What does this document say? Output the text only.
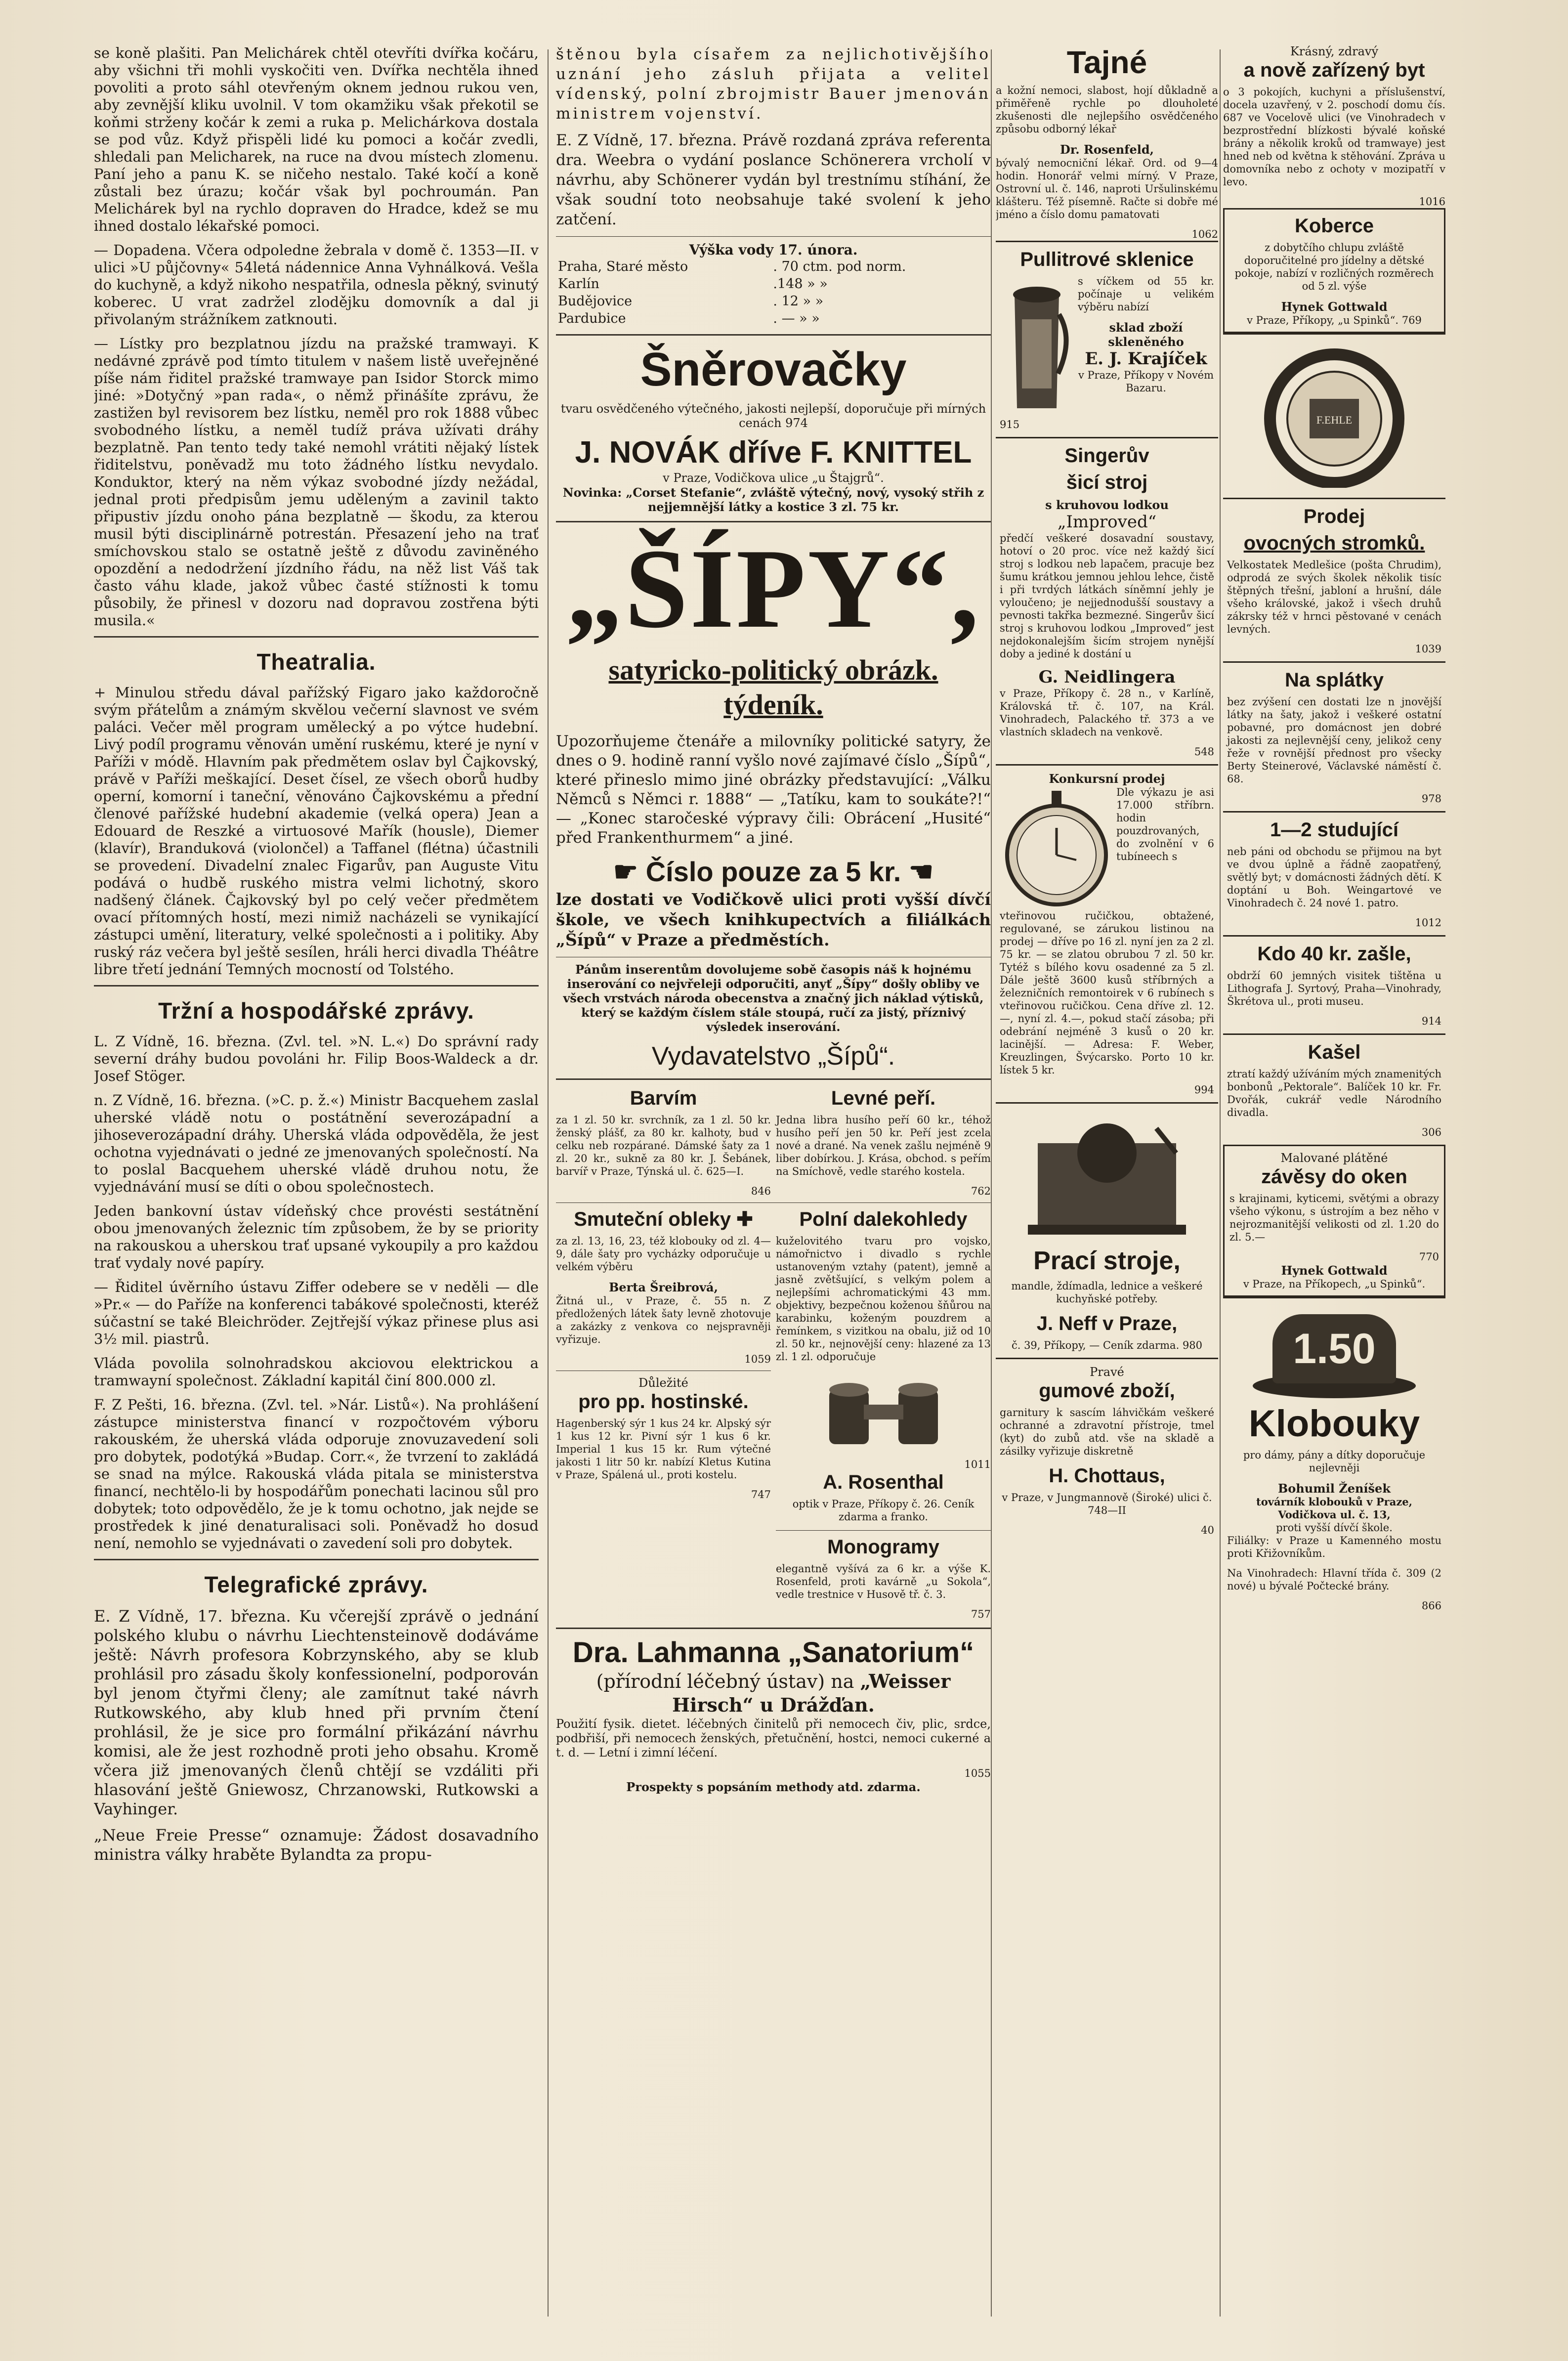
se koně plašiti. Pan Melichárek chtěl otevříti dvířka kočáru, aby všichni tři mohli vyskočiti ven. Dvířka nechtěla ihned povoliti a proto sáhl otevřeným oknem jednou rukou ven, aby zevnější kliku uvolnil. V tom okamžiku však překotil se koňmi strženy kočár k zemi a ruka p. Melichárkova dostala se pod vůz. Když přispěli lidé ku pomoci a kočár zvedli, shledali pan Melicharek, na ruce na dvou místech zlomenu. Paní jeho a panu K. se ničeho nestalo. Také kočí a koně zůstali bez úrazu; kočár však byl pochroumán. Pan Melichárek byl na rychlo dopraven do Hradce, kdež se mu ihned dostalo lékařské pomoci.

— Dopadena. Včera odpoledne žebrala v domě č. 1353—II. v ulici »U půjčovny« 54letá nádennice Anna Vyhnálková. Vešla do kuchyně, a když nikoho nespatřila, odnesla pěkný, svinutý koberec. U vrat zadržel zlodějku domovník a dal ji přivolaným strážníkem zatknouti.

— Lístky pro bezplatnou jízdu na pražské tramwayi. K nedávné zprávě pod tímto titulem v našem listě uveřejněné píše nám řiditel pražské tramwaye pan Isidor Storck mimo jiné: »Dotyčný »pan rada«, o němž přinášíte zprávu, že zastižen byl revisorem bez lístku, neměl pro rok 1888 vůbec svobodného lístku, a neměl tudíž práva užívati dráhy bezplatně. Pan tento tedy také nemohl vrátiti nějaký lístek řiditelstvu, poněvadž mu toto žádného lístku nevydalo. Konduktor, který na něm výkaz svobodné jízdy nežádal, jednal proti předpisům jemu uděleným a zavinil takto připustiv jízdu onoho pána bezplatně — škodu, za kterou musil býti disciplinárně potrestán. Přesazení jeho na trať smíchovskou stalo se ostatně ještě z důvodu zaviněného opozdění a nedodržení jízdního řádu, na něž list Váš tak často váhu klade, jakož vůbec časté stížnosti k tomu působily, že přinesl v dozoru nad dopravou zostřena býti musila.«

Theatralia.

+ Minulou středu dával pařížský Figaro jako každoročně svým přátelům a známým skvělou večerní slavnost ve svém paláci. Večer měl program umělecký a po výtce hudební. Livý podíl programu věnován umění ruskému, které je nyní v Paříži v módě. Hlavním pak předmětem oslav byl Čajkovský, právě v Paříži meškající. Deset čísel, ze všech oborů hudby operní, komorní i taneční, věnováno Čajkovskému a přední členové pařížské hudební akademie (velká opera) Jean a Edouard de Reszké a virtuosové Mařík (housle), Diemer (klavír), Branduková (violončel) a Taffanel (flétna) účastnili se provedení. Divadelní znalec Figarův, pan Auguste Vitu podává o hudbě ruského mistra velmi lichotný, skoro nadšený článek. Čajkovský byl po celý večer předmětem ovací přítomných hostí, mezi nimiž nacházeli se vynikající zástupci umění, literatury, velké společnosti a i politiky. Aby ruský ráz večera byl ještě sesílen, hráli herci divadla Théâtre libre třetí jednání Temných mocností od Tolstého.

Tržní a hospodářské zprávy.

L. Z Vídně, 16. března. (Zvl. tel. »N. L.«) Do správní rady severní dráhy budou povoláni hr. Filip Boos-Waldeck a dr. Josef Stöger.

n. Z Vídně, 16. března. (»C. p. ž.«) Ministr Bacquehem zaslal uherské vládě notu o postátnění severozápadní a jihoseverozápadní dráhy. Uherská vláda odpověděla, že jest ochotna vyjednávati o jedné ze jmenovaných společností. Na to poslal Bacquehem uherské vládě druhou notu, že vyjednávání musí se díti o obou společnostech.

Jeden bankovní ústav vídeňský chce provésti sestátnění obou jmenovaných železnic tím způsobem, že by se priority na rakouskou a uherskou trať upsané vykoupily a pro každou trať vydaly nové papíry.

— Řiditel úvěrního ústavu Ziffer odebere se v neděli — dle »Pr.« — do Paříže na konferenci tabákové společnosti, kteréž súčastní se také Bleichröder. Zejtřejší výkaz přinese plus asi 3½ mil. piastrů.

Vláda povolila solnohradskou akciovou elektrickou a tramwayní společnost. Základní kapitál činí 800.000 zl.

F. Z Pešti, 16. března. (Zvl. tel. »Nár. Listů«). Na prohlášení zástupce ministerstva financí v rozpočtovém výboru rakouském, že uherská vláda odporuje znovuzavedení soli pro dobytek, podotýká »Budap. Corr.«, že tvrzení to zakládá se snad na mýlce. Rakouská vláda pitala se ministerstva financí, nechtělo-li by hospodářům ponechati lacinou sůl pro dobytek; toto odpovědělo, že je k tomu ochotno, jak nejde se prostředek k jiné denaturalisaci soli. Poněvadž ho dosud není, nemohlo se vyjednávati o zavedení soli pro dobytek.

Telegrafické zprávy.

E. Z Vídně, 17. března. Ku včerejší zprávě o jednání polského klubu o návrhu Liechtensteinově dodáváme ještě: Návrh profesora Kobrzynského, aby se klub prohlásil pro zásadu školy konfessionelní, podporován byl jenom čtyřmi členy; ale zamítnut také návrh Rutkowského, aby klub hned při prvním čtení prohlásil, že je sice pro formální přikázání návrhu komisi, ale že jest rozhodně proti jeho obsahu. Kromě včera již jmenovaných členů chtějí se vzdáliti při hlasování ještě Gniewosz, Chrzanowski, Rutkowski a Vayhinger.

„Neue Freie Presse“ oznamuje: Žádost dosavadního ministra války hraběte Bylandta za propu-

štěnou byla císařem za nejlichotivějšího uznání jeho zásluh přijata a velitel vídenský, polní zbrojmistr Bauer jmenován ministrem vojenství.

E. Z Vídně, 17. března. Právě rozdaná zpráva referenta dra. Weebra o vydání poslance Schönerera vrcholí v návrhu, aby Schönerer vydán byl trestnímu stíhání, že však soudní toto neobsahuje také svolení k jeho zatčení.

Výška vody 17. února.
Praha, Staré město	. 70 ctm. pod norm.
Karlín	.148 » »
Budějovice	. 12 » »
Pardubice	. — » »
Šněrovačky
tvaru osvědčeného výtečného, jakosti nejlepší, doporučuje při mírných cenách 974
J. NOVÁK dříve F. KNITTEL
v Praze, Vodičkova ulice „u Štajgrů“.
Novinka: „Corset Stefanie“, zvláště výtečný, nový, vysoký střih z nejjemnější látky a kostice 3 zl. 75 kr.
„ŠÍPY“,
satyricko-politický obrázk. týdeník.

Upozorňujeme čtenáře a milovníky politické satyry, že dnes o 9. hodině ranní vyšlo nové zajímavé číslo „Šípů“, které přineslo mimo jiné obrázky představující: „Válku Němců s Němci r. 1888“ — „Tatíku, kam to soukáte?!“ — „Konec staročeské výpravy čili: Obrácení „Husité“ před Frankenthurmem“ a jiné.

☛ Číslo pouze za 5 kr. ☚

lze dostati ve Vodičkově ulici proti vyšší dívčí škole, ve všech knihkupectvích a filiálkách „Šípů“ v Praze a předměstích.

Pánům inserentům dovolujeme sobě časopis náš k hojnému inserování co nejvřeleji odporučiti, anyť „Šípy“ došly obliby ve všech vrstvách národa obecenstva a značný jich náklad výtisků, který se každým číslem stále stoupá, ručí za jistý, příznivý výsledek inserování.

Vydavatelstvo „Šípů“.
Barvím

za 1 zl. 50 kr. svrchník, za 1 zl. 50 kr. ženský plášť, za 80 kr. kalhoty, bud v celku neb rozpárané. Dámské šaty za 1 zl. 20 kr., sukně za 80 kr. J. Šebánek, barvíř v Praze, Týnská ul. č. 625—I.

846
Levné peří.

Jedna libra husího peří 60 kr., téhož husího peří jen 50 kr. Peří jest zcela nové a drané. Na venek zašlu nejméně 9 liber dobírkou. J. Krása, obchod. s peřím na Smíchově, vedle starého kostela.

762
Smuteční obleky ✚

za zl. 13, 16, 23, též klobouky od zl. 4—9, dále šaty pro vycházky odporučuje u velkém výběru

Berta Šreibrová,

Žitná ul., v Praze, č. 55 n. Z předložených látek šaty levně zhotovuje a zakázky z venkova co nejspravněji vyřizuje.

1059
Důležité
pro pp. hostinské.

Hagenberský sýr 1 kus 24 kr. Alpský sýr 1 kus 12 kr. Pivní sýr 1 kus 6 kr. Imperial 1 kus 15 kr. Rum výtečné jakosti 1 litr 50 kr. nabízí Kletus Kutina v Praze, Spálená ul., proti kostelu.

747
Polní dalekohledy

kuželovitého tvaru pro vojsko, námořnictvo i divadlo s rychle ustanoveným vztahy (patent), jemně a jasně zvětšující, s velkým polem a nejlepšími achromatickými 43 mm. objektivy, bezpečnou koženou šňůrou na karabinku, koženým pouzdrem a řemínkem, s vizitkou na obalu, již od 10 zl. 50 kr., nejnovější ceny: hlazené za 13 zl. 1 zl. odporučuje

1011
A. Rosenthal

optik v Praze, Příkopy č. 26. Ceník zdarma a franko.

Monogramy

elegantně vyšívá za 6 kr. a výše K. Rosenfeld, proti kavárně „u Sokola“, vedle trestnice v Husově tř. č. 3.

757
Dra. Lahmanna „Sanatorium“
(přírodní léčebný ústav) na „Weisser Hirsch“ u Drážďan.

Použití fysik. dietet. léčebných činitelů při nemocech čiv, plic, srdce, podbřiší, při nemocech ženských, přetučnění, hostci, nemoci cukerné a t. d. — Letní i zimní léčení.

1055
Prospekty s popsáním methody atd. zdarma.
Tajné

a kožní nemoci, slabost, hojí důkladně a přiměřeně rychle po dlouholeté zkušenosti dle nejlepšího osvědčeného způsobu odborný lékař

Dr. Rosenfeld,

bývalý nemocniční lékař. Ord. od 9—4 hodin. Honorář velmi mírný. V Praze, Ostrovní ul. č. 146, naproti Uršulinskému klášteru. Též písemně. Račte si dobře mé jméno a číslo domu pamatovati

1062
Pullitrové sklenice

s víčkem od 55 kr. počínaje u velikém výběru nabízí

sklad zboží skleněného
E. J. Krajíček

v Praze, Příkopy v Novém Bazaru.

915
Singerův
šicí stroj
s kruhovou lodkou
„Improved“

předčí veškeré dosavadní soustavy, hotoví o 20 proc. více než každý šicí stroj s lodkou neb lapačem, pracuje bez šumu krátkou jemnou jehlou lehce, čistě i při tvrdých látkách síněmní jehly je vyloučeno; je nejjednodušší soustavy a pevnosti takřka bezmezné. Singerův šicí stroj s kruhovou lodkou „Improved“ jest nejdokonalejším šicím strojem nynější doby a jediné k dostání u

G. Neidlingera

v Praze, Příkopy č. 28 n., v Karlíně, Královská tř. č. 107, na Král. Vinohradech, Palackého tř. 373 a ve vlastních skladech na venkově.

548
Konkursní prodej

Dle výkazu je asi 17.000 stříbrn. hodin pouzdrovaných, do zvolnění v 6 tubíneech s

vteřinovou ručičkou, obtažené, regulované, se zárukou listinou na prodej — dříve po 16 zl. nyní jen za 2 zl. 75 kr. — se zlatou obrubou 7 zl. 50 kr. Tytéž s bílého kovu osadenné za 5 zl. Dále ještě 3600 kusů stříbrných a železničních remontoirek v 6 rubínech s vteřinovou ručičkou. Cena dříve zl. 12.—, nyní zl. 4.—, pokud stačí zásoba; při odebrání nejméně 3 kusů o 20 kr. lacinější. — Adresa: F. Weber, Kreuzlingen, Švýcarsko. Porto 10 kr. lístek 5 kr.

994
Prací stroje,

mandle, ždímadla, lednice a veškeré kuchyňské potřeby.

J. Neff v Praze,
č. 39, Příkopy, — Ceník zdarma. 980
Pravé
gumové zboží,

garnitury k sascím láhvičkám veškeré ochranné a zdravotní přístroje, tmel (kyt) do zubů atd. vše na skladě a zásilky vyřizuje diskretně

H. Chottaus,

v Praze, v Jungmannově (Široké) ulici č. 748—II

40
Krásný, zdravý
a nově zařízený byt

o 3 pokojích, kuchyni a příslušenství, docela uzavřený, v 2. poschodí domu čís. 687 ve Vocelově ulici (ve Vinohradech v bezprostřední blízkosti bývalé koňské brány a několik kroků od tramwaye) jest hned neb od května k stěhování. Zpráva u domovníka nebo z ochoty v mozipatří v levo.

1016
Koberce

z dobytčího chlupu zvláště doporučitelné pro jídelny a dětské pokoje, nabízí v rozličných rozměrech od 5 zl. výše

Hynek Gottwald
v Praze, Příkopy, „u Spinků“. 769
F.EHLE
Prodej
ovocných stromků.

Velkostatek Medlešice (pošta Chrudim), odprodá ze svých školek několik tisíc štěpných třešní, jabloní a hrušní, dále všeho královské, jakož i všech druhů zákrsky též v hrnci pěstované v cenách levných.

1039
Na splátky

bez zvýšení cen dostati lze n jnovější látky na šaty, jakož i veškeré ostatní pobavné, pro domácnost jen dobré jakosti za nejlevnější ceny, jelikož ceny řeže v rovnější přednost pro všecky Berty Steinerové, Václavské náměstí č. 68.

978
1—2 studující

neb páni od obchodu se přijmou na byt ve dvou úplně a řádně zaopatřený, světlý byt; v domácnosti žádných dětí. K doptání u Boh. Weingartové ve Vinohradech č. 24 nové 1. patro.

1012
Kdo 40 kr. zašle,

obdrží 60 jemných visitek tištěna u Lithografa J. Syrtový, Praha—Vinohrady, Škrétova ul., proti museu.

914
Kašel

ztratí každý užíváním mých znamenitých bonbonů „Pektorale“. Balíček 10 kr. Fr. Dvořák, cukrář vedle Národního divadla.

306
Malované plátěné
závěsy do oken

s krajinami, kyticemi, světými a obrazy všeho výkonu, s ústrojím a bez něho v nejrozmanitější velikosti od zl. 1.20 do zl. 5.—

770
Hynek Gottwald
v Praze, na Příkopech, „u Spinků“.
1.50
Klobouky

pro dámy, pány a dítky doporučuje nejlevněji

Bohumil Ženíšek
továrník klobouků v Praze, Vodičkova ul. č. 13,
proti vyšší dívčí škole.

Filiálky: v Praze u Kamenného mostu proti Křižovníkům.

Na Vinohradech: Hlavní třída č. 309 (2 nové) u bývalé Počtecké brány.

866
